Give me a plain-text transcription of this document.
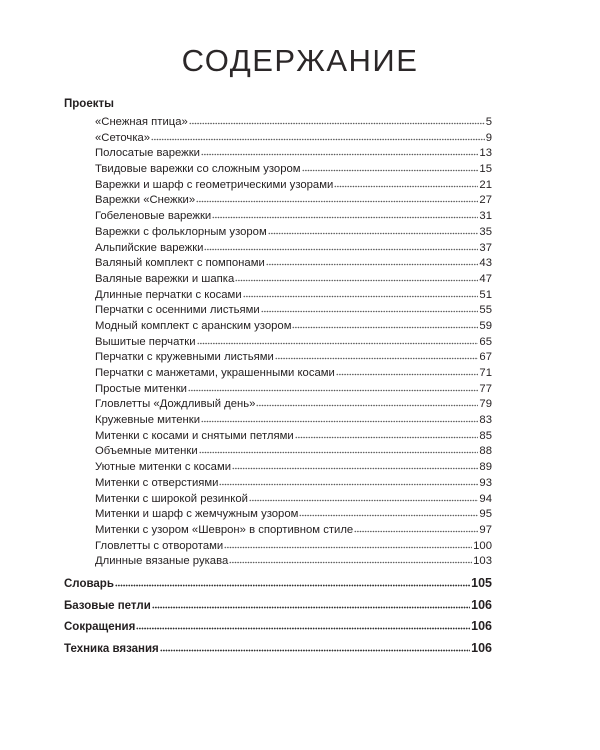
СОДЕРЖАНИЕ
Проекты
«Снежная птица»	5
«Сеточка»	9
Полосатые варежки	13
Твидовые варежки со сложным узором	15
Варежки и шарф с геометрическими узорами	21
Варежки «Снежки»	27
Гобеленовые варежки	31
Варежки с фольклорным узором	35
Альпийские варежки	37
Валяный комплект с помпонами	43
Валяные варежки и шапка	47
Длинные перчатки с косами	51
Перчатки с осенними листьями	55
Модный комплект с аранским узором	59
Вышитые перчатки	65
Перчатки с кружевными листьями	67
Перчатки с манжетами, украшенными косами	71
Простые митенки	77
Гловлетты «Дождливый день»	79
Кружевные митенки	83
Митенки с косами и снятыми петлями	85
Объемные митенки	88
Уютные митенки с косами	89
Митенки с отверстиями	93
Митенки с широкой резинкой	94
Митенки и шарф с жемчужным узором	95
Митенки с узором «Шеврон» в спортивном стиле	97
Гловлетты с отворотами	100
Длинные вязаные рукава	103
Словарь	105
Базовые петли	106
Сокращения	106
Техника вязания	106
